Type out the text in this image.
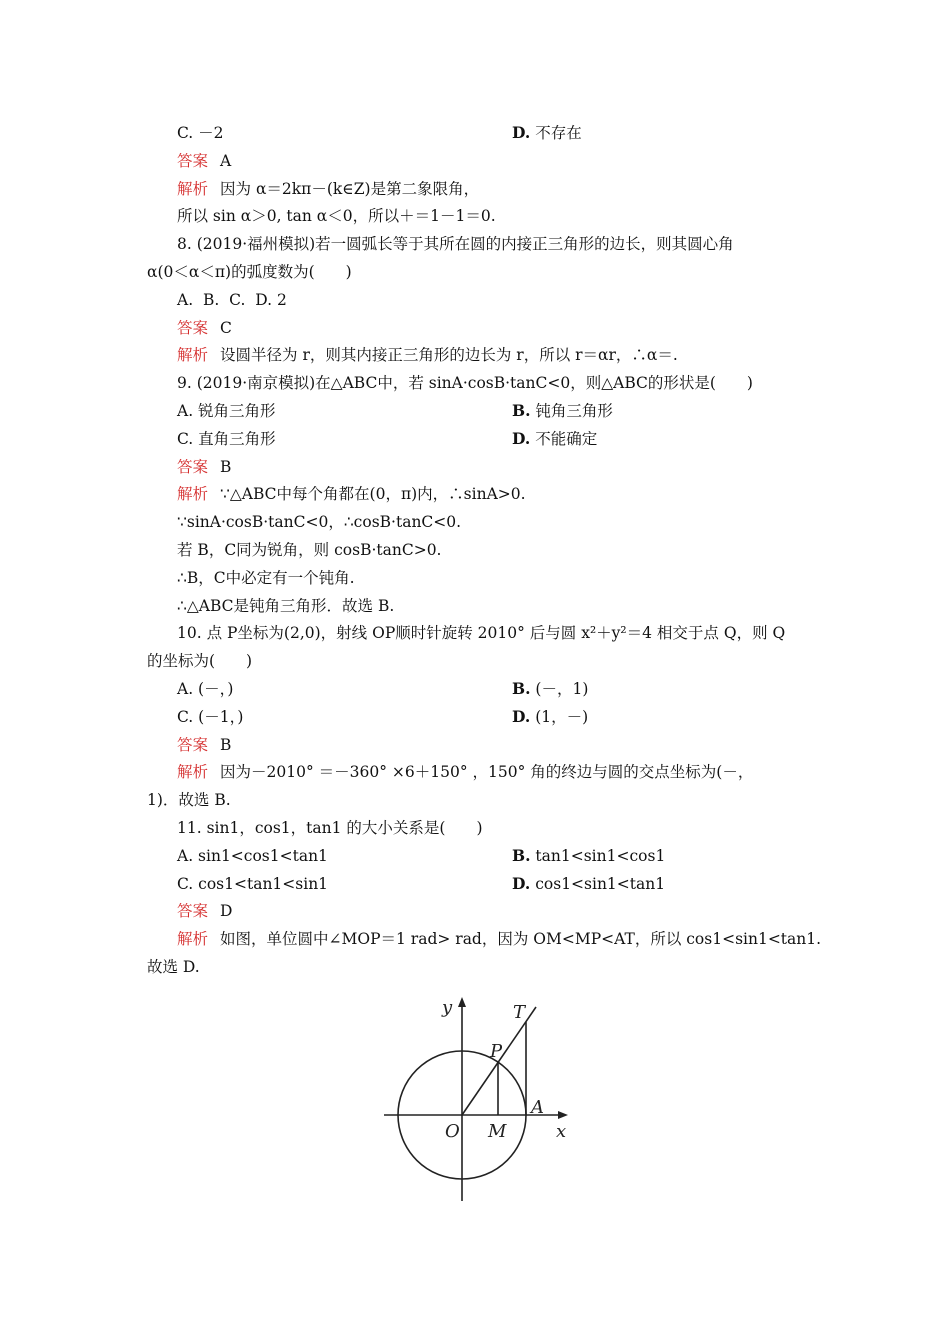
C. －2	D. 不存在
答案 A
解析 因为 α＝2kπ－(k∈Z)是第二象限角，
所以 sin α＞0, tan α＜0，所以＋＝1－1＝0.
8. (2019·福州模拟)若一圆弧长等于其所在圆的内接正三角形的边长，则其圆心角
α(0＜α＜π)的弧度数为(　　)
A.  B.  C.  D. 2
答案 C
解析 设圆半径为 r，则其内接正三角形的边长为 r，所以 r＝αr，∴α＝.
9. (2019·南京模拟)在△ABC中，若 sinA·cosB·tanC<0，则△ABC的形状是(　　)
A. 锐角三角形	B. 钝角三角形
C. 直角三角形	D. 不能确定
答案 B
解析 ∵△ABC中每个角都在(0，π)内，∴sinA>0.
∵sinA·cosB·tanC<0，∴cosB·tanC<0.
若 B，C同为锐角，则 cosB·tanC>0.
∴B，C中必定有一个钝角.
∴△ABC是钝角三角形．故选 B.
10. 点 P坐标为(2,0)，射线 OP顺时针旋转 2010° 后与圆 x²＋y²＝4 相交于点 Q，则 Q
的坐标为(　　)
A. (－，)	B. (－，1)
C. (－1，)	D. (1，－)
答案 B
解析 因为－2010° ＝－360° ×6＋150° ，150° 角的终边与圆的交点坐标为(－，
1)．故选 B.
11. sin1，cos1，tan1 的大小关系是(　　)
A. sin1<cos1<tan1	B. tan1<sin1<cos1
C. cos1<tan1<sin1	D. cos1<sin1<tan1
答案 D
解析 如图，单位圆中∠MOP＝1 rad> rad，因为 OM<MP<AT，所以 cos1<sin1<tan1.
故选 D.
y	T
P
A
O M	x
